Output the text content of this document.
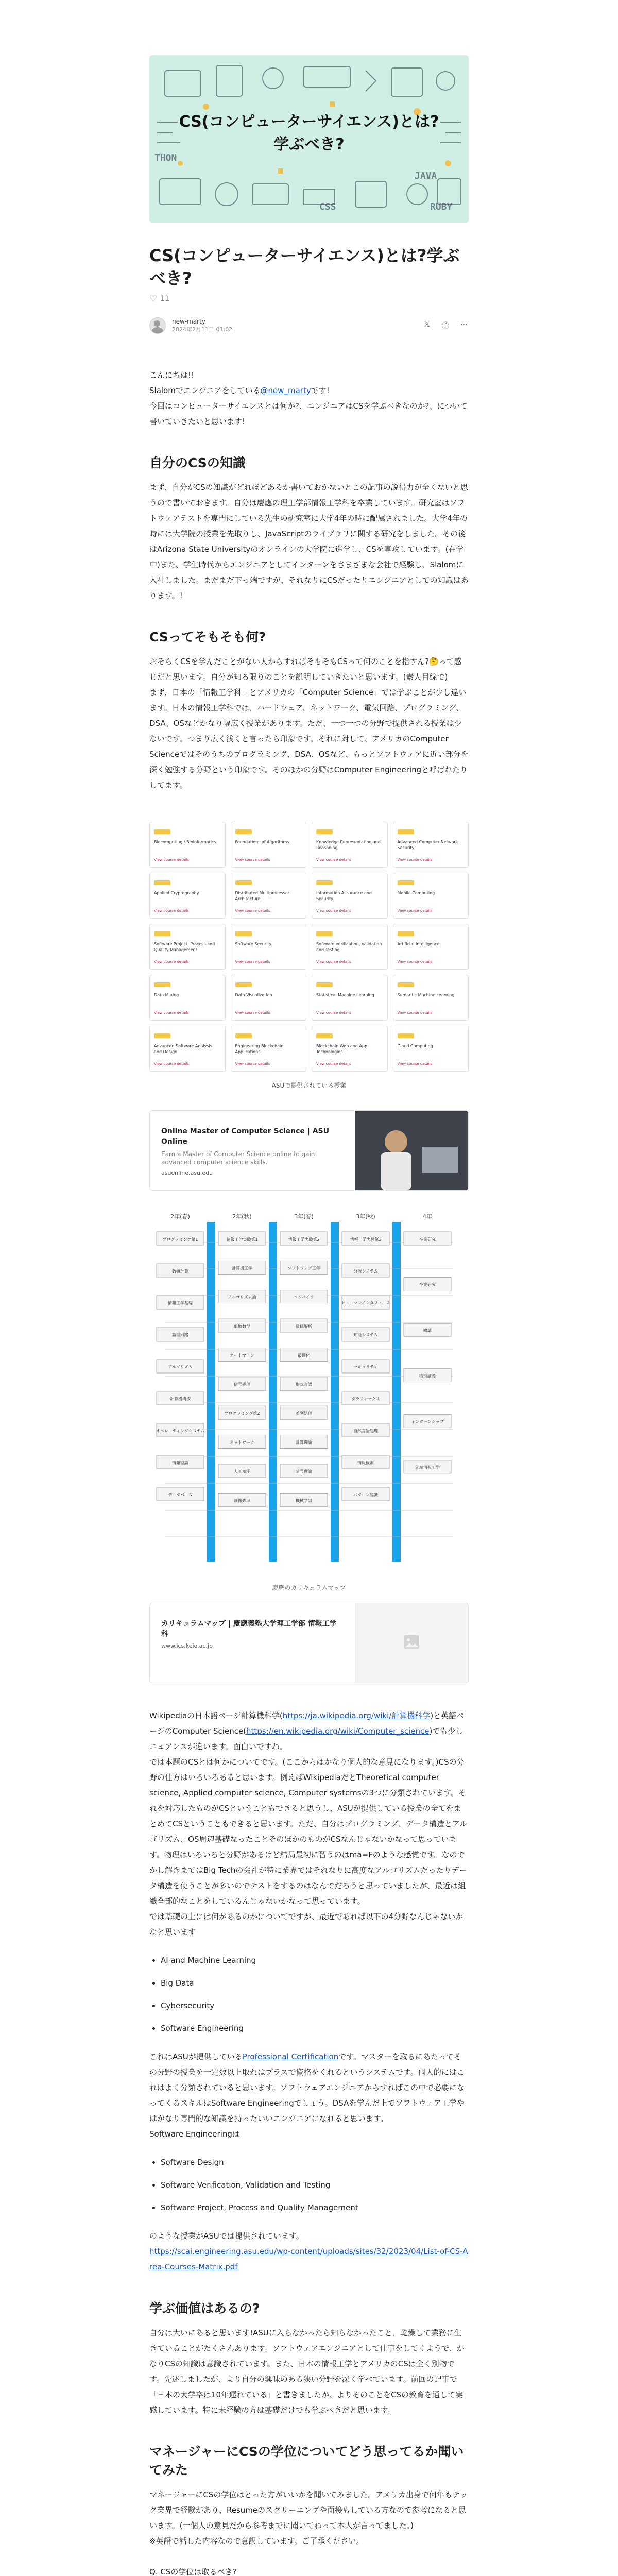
THON
JAVA
RUBY
CSS
CS(コンピューターサイエンス)とは?
学ぶべき?
CS(コンピューターサイエンス)とは?学ぶべき?
♡ 11
new-marty
2024年2月11日 01:02
𝕏 ⓕ ⋯

こんにちは!!

Slalomでエンジニアをしている@new_martyです!

今回はコンピューターサイエンスとは何か?、エンジニアはCSを学ぶべきなのか?、について書いていきたいと思います!

自分のCSの知識

まず、自分がCSの知識がどれほどあるか書いておかないとこの記事の説得力が全くないと思うので書いておきます。自分は慶應の理工学部情報工学科を卒業しています。研究室はソフトウェアテストを専門にしている先生の研究室に大学4年の時に配属されました。大学4年の時には大学院の授業を先取りし、JavaScriptのライブラリに関する研究をしました。その後はArizona State Universityのオンラインの大学院に進学し、CSを専攻しています。(在学中)また、学生時代からエンジニアとしてインターンをさまざまな会社で経験し、Slalomに入社しました。まだまだ下っ端ですが、それなりにCSだったりエンジニアとしての知識はあります。!

CSってそもそも何?

おそらくCSを学んだことがない人からすればそもそもCSって何のことを指すん?🤔って感じだと思います。自分が知る限りのことを説明していきたいと思います。(素人目線で)

まず、日本の「情報工学科」とアメリカの「Computer Science」では学ぶことが少し違います。日本の情報工学科では、ハードウェア、ネットワーク、電気回路、プログラミング、DSA、OSなどかなり幅広く授業があります。ただ、一つ一つの分野で提供される授業は少ないです。つまり広く浅くと言ったら印象です。それに対して、アメリカのComputer Scienceではそのうちのプログラミング、DSA、OSなど、もっとソフトウェアに近い部分を深く勉強する分野という印象です。そのほかの分野はComputer Engineeringと呼ばれたりしてます。

Biocomputing / Bioinformatics
View course details
Foundations of Algorithms
View course details
Knowledge Representation and Reasoning
View course details
Advanced Computer Network Security
View course details
Applied Cryptography
View course details
Distributed Multiprocessor Architecture
View course details
Information Assurance and Security
View course details
Mobile Computing
View course details
Software Project, Process and Quality Management
View course details
Software Security
View course details
Software Verification, Validation and Testing
View course details
Artificial Intelligence
View course details
Data Mining
View course details
Data Visualization
View course details
Statistical Machine Learning
View course details
Semantic Machine Learning
View course details
Advanced Software Analysis and Design
View course details
Engineering Blockchain Applications
View course details
Blockchain Web and App Technologies
View course details
Cloud Computing
View course details
ASUで提供されている授業
Online Master of Computer Science | ASU Online
Earn a Master of Computer Science online to gain advanced computer science skills.
asuonline.asu.edu
2年(春)	2年(秋)	3年(春)	3年(秋)	4年
プログラミング第1
数値計算
情報工学基礎
論理回路
アルゴリズム
計算機構成
オペレーティングシステム
情報理論
データベース
情報工学実験第1
計算機工学
アルゴリズム論
離散数学
オートマトン
信号処理
プログラミング第2
ネットワーク
人工知能
画像処理
情報工学実験第2
ソフトウェア工学
コンパイラ
数値解析
最適化
形式言語
並列処理
計算理論
暗号理論
機械学習
情報工学実験第3
分散システム
ヒューマンインタフェース
知能システム
セキュリティ
グラフィックス
自然言語処理
情報検索
パターン認識
卒業研究
卒業研究
輪講
特別講義
インターンシップ
先端情報工学
慶應のカリキュラムマップ
カリキュラムマップ | 慶應義塾大学理工学部 情報工学科
www.ics.keio.ac.jp

Wikipediaの日本語ページ計算機科学(https://ja.wikipedia.org/wiki/計算機科学)と英語ページのComputer Science(https://en.wikipedia.org/wiki/Computer_science)でも少しニュアンスが違います。面白いですね。

では本題のCSとは何かについてです。(ここからはかなり個人的な意見になります。)CSの分野の仕方はいろいろあると思います。例えばWikipediaだとTheoretical computer science, Applied computer science, Computer systemsの3つに分類されています。それを対応したものがCSということもできると思うし、ASUが提供している授業の全てをまとめてCSということもできると思います。ただ、自分はプログラミング、データ構造とアルゴリズム、OS周辺基礎なったことそのほかのものがCSなんじゃないかなって思っています。物理はいろいろと分野があるけど結局最初に習うのはma=Fのような感覚です。なのでかし解きまではBig Techの会社が特に業界ではそれなりに高度なアルゴリズムだったりデータ構造を使うことが多いのでテストをするのはなんでだろうと思っていましたが、最近は組織全部的なことをしているんじゃないかなって思っています。

では基礎の上には何があるのかについてですが、最近であれば以下の4分野なんじゃないかなと思います

• AI and Machine Learning
• Big Data
• Cybersecurity
• Software Engineering

これはASUが提供しているProfessional Certificationです。マスターを取るにあたってその分野の授業を一定数以上取れはプラスで資格をくれるというシステムです。個人的にはこれはよく分類されていると思います。ソフトウェアエンジニアからすればこの中で必要になってくるスキルはSoftware Engineeringでしょう。DSAを学んだ上でソフトウェア工学やはがなり専門的な知識を持ったいいエンジニアになれると思います。

Software Engineeringは

• Software Design
• Software Verification, Validation and Testing
• Software Project, Process and Quality Management

のような授業がASUでは提供されています。

https://scai.engineering.asu.edu/wp-content/uploads/sites/32/2023/04/List-of-CS-Area-Courses-Matrix.pdf

学ぶ価値はあるの?

自分は大いにあると思います!ASUに入らなかったら知らなかったこと、乾燥して業務に生きていることがたくさんあります。ソフトウェアエンジニアとして仕事をしてくようで、かなりCSの知識は意識されています。また、日本の情報工学とアメリカのCSは全く別物です。先述しましたが、より自分の興味のある狭い分野を深く学べています。前回の記事で「日本の大学卒は10年遅れている」と書きましたが、よりそのことをCSの教育を通して実感しています。特に未経験の方は基礎だけでも学ぶべきだと思います。

マネージャーにCSの学位についてどう思ってるか聞いてみた

マネージャーにCSの学位はとった方がいいかを聞いてみました。アメリカ出身で何年もテック業界で経験があり、Resumeのスクリーニングや面接もしている方なので参考になると思います。(一個人の意見だから参考までに聞いてねって本人が言ってました。)

※英語で話した内容なので意訳しています。ご了承ください。

Q. CSの学位は取るべき?
